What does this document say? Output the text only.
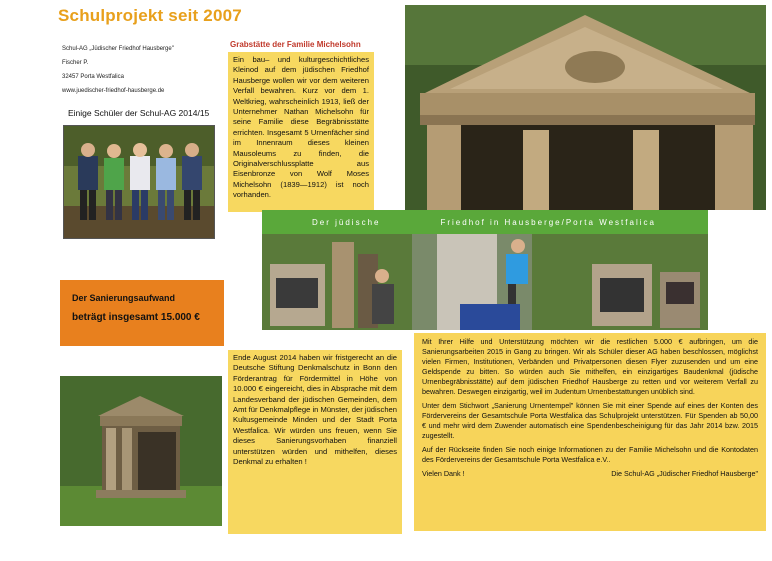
Schulprojekt seit 2007
Schul-AG „Jüdischer Friedhof Hausberge"
Fischer P.
32457 Porta Westfalica
www.juedischer-friedhof-hausberge.de
Einige Schüler der Schul-AG 2014/15
Grabstätte der Familie Michelsohn
Ein bau– und kulturgeschichtliches Kleinod auf dem jüdischen Friedhof Hausberge wollen wir vor dem weiteren Verfall bewahren. Kurz vor dem 1. Weltkrieg, wahrscheinlich 1913, ließ der Unternehmer Nathan Michelsohn für seine Familie diese Begräbnisstätte errichten. Insgesamt 5 Urnenfächer sind im Innenraum dieses kleinen Mausoleums zu finden, die Originalverschlussplatte aus Eisenbronze von Wolf Moses Michelsohn (1839—1912) ist noch vorhanden.
Der jüdische	Friedhof in Hausberge/Porta Westfalica
Der Sanierungsaufwand
beträgt insgesamt 15.000 €
Ende August 2014 haben wir fristgerecht an die Deutsche Stiftung Denkmalschutz in Bonn den Förderantrag für Fördermittel in Höhe von 10.000 € eingereicht, dies in Absprache mit dem Landesverband der jüdischen Gemeinden, dem Amt für Denkmalpflege in Münster, der jüdischen Kultusgemeinde Minden und der Stadt Porta Westfalica. Wir würden uns freuen, wenn Sie dieses Sanierungsvorhaben finanziell unterstützen würden und mithelfen, dieses Denkmal zu erhalten !

Mit Ihrer Hilfe und Unterstützung möchten wir die restlichen 5.000 € aufbringen, um die Sanierungsarbeiten 2015 in Gang zu bringen. Wir als Schüler dieser AG haben beschlossen, möglichst vielen Firmen, Institutionen, Verbänden und Privatpersonen diesen Flyer zuzusenden und um eine Geldspende zu bitten. So würden auch Sie mithelfen, ein einzigartiges Baudenkmal (jüdische Urnenbegräbnisstätte) auf dem jüdischen Friedhof Hausberge zu retten und vor weiterem Verfall zu bewahren. Deswegen einzigartig, weil im Judentum Urnenbestattungen unüblich sind.

Unter dem Stichwort „Sanierung Urnentempel" können Sie mit einer Spende auf eines der Konten des Fördervereins der Gesamtschule Porta Westfalica das Schulprojekt unterstützen. Für Spenden ab 50,00 € und mehr wird dem Zuwender automatisch eine Spendenbescheinigung für das Jahr 2014 bzw. 2015 zugestellt.

Auf der Rückseite finden Sie noch einige Informationen zu der Familie Michelsohn und die Kontodaten des Fördervereins der Gesamtschule Porta Westfalica e.V..

Vielen Dank !	Die Schul-AG „Jüdischer Friedhof Hausberge"
